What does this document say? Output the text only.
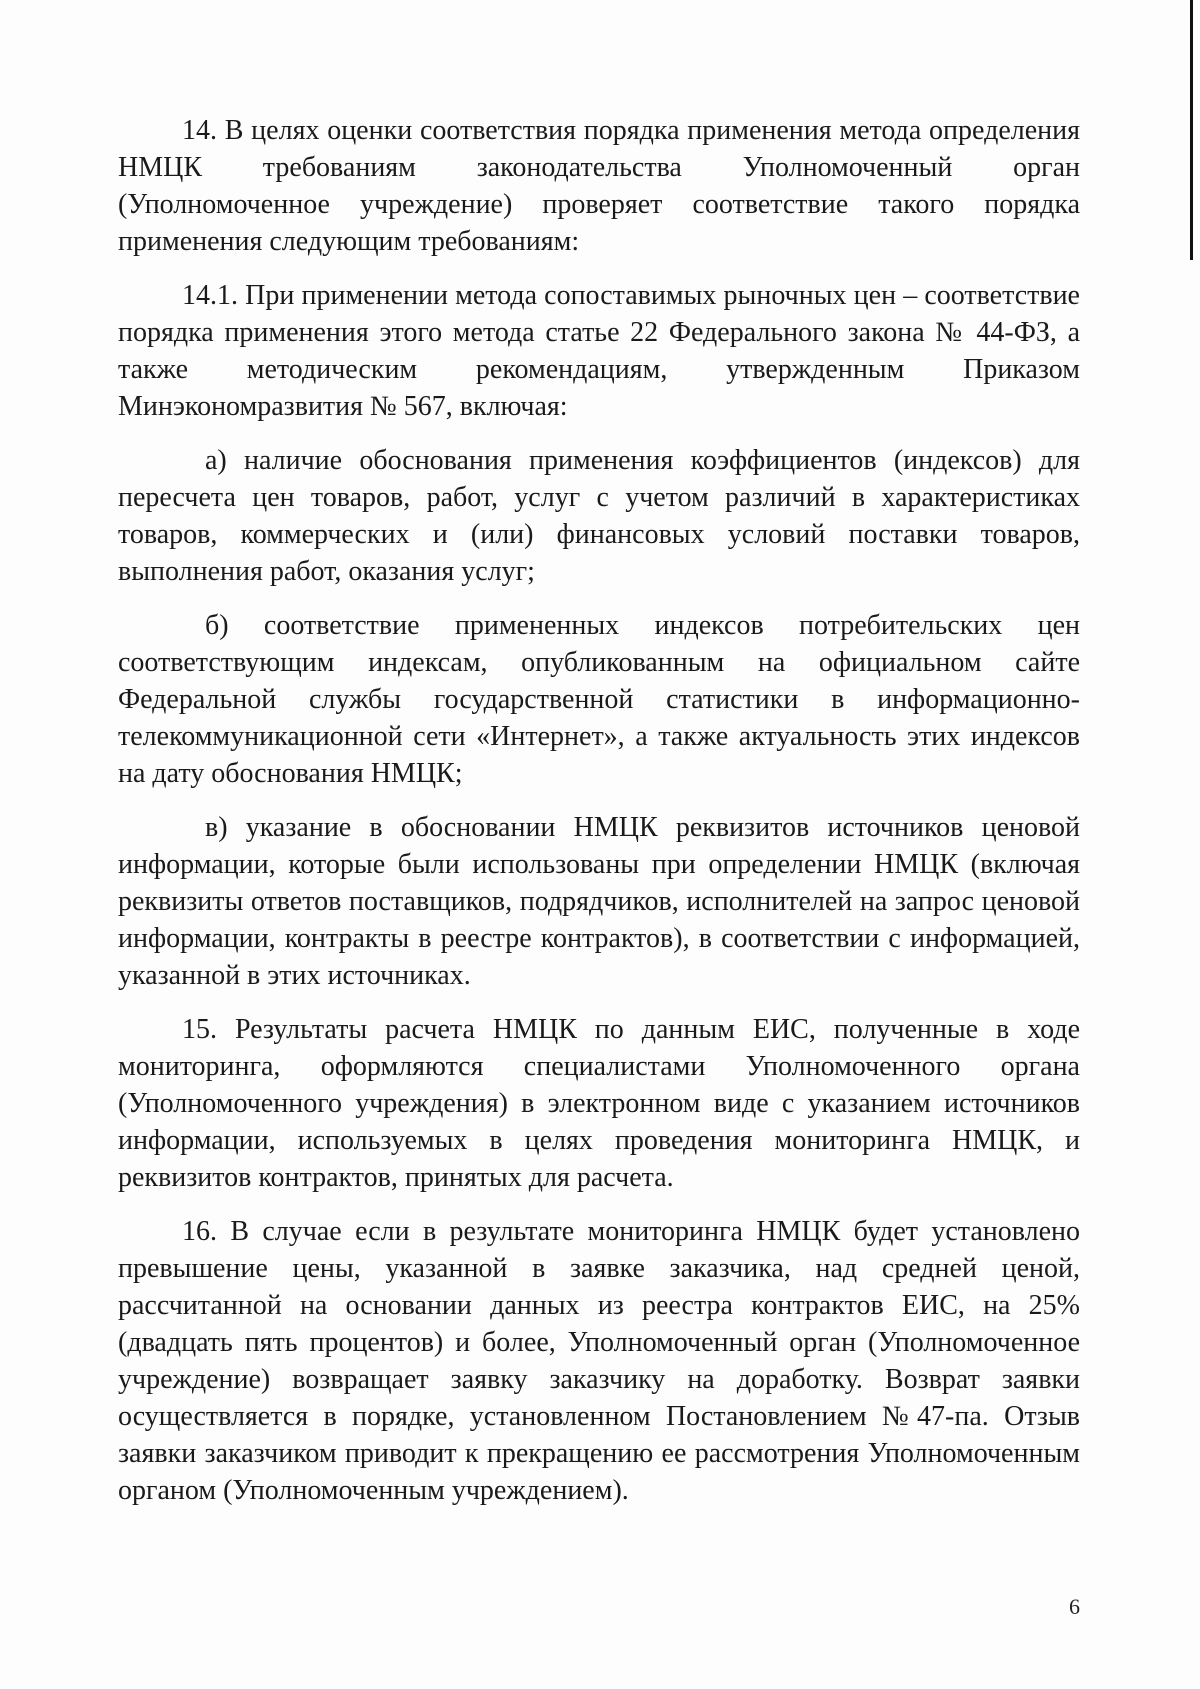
14. В целях оценки соответствия порядка применения метода определения НМЦК требованиям законодательства Уполномоченный орган (Уполномоченное учреждение) проверяет соответствие такого порядка применения следующим требованиям:

14.1. При применении метода сопоставимых рыночных цен – соответствие порядка применения этого метода статье 22 Федерального закона № 44-ФЗ, а также методическим рекомендациям, утвержденным Приказом Минэкономразвития № 567, включая:

а) наличие обоснования применения коэффициентов (индексов) для пересчета цен товаров, работ, услуг с учетом различий в характеристиках товаров, коммерческих и (или) финансовых условий поставки товаров, выполнения работ, оказания услуг;

б) соответствие примененных индексов потребительских цен соответствующим индексам, опубликованным на официальном сайте Федеральной службы государственной статистики в информационно-телекоммуникационной сети «Интернет», а также актуальность этих индексов на дату обоснования НМЦК;

в) указание в обосновании НМЦК реквизитов источников ценовой информации, которые были использованы при определении НМЦК (включая реквизиты ответов поставщиков, подрядчиков, исполнителей на запрос ценовой информации, контракты в реестре контрактов), в соответствии с информацией, указанной в этих источниках.

15. Результаты расчета НМЦК по данным ЕИС, полученные в ходе мониторинга, оформляются специалистами Уполномоченного органа (Уполномоченного учреждения) в электронном виде с указанием источников информации, используемых в целях проведения мониторинга НМЦК, и реквизитов контрактов, принятых для расчета.

16. В случае если в результате мониторинга НМЦК будет установлено превышение цены, указанной в заявке заказчика, над средней ценой, рассчитанной на основании данных из реестра контрактов ЕИС, на 25% (двадцать пять процентов) и более, Уполномоченный орган (Уполномоченное учреждение) возвращает заявку заказчику на доработку. Возврат заявки осуществляется в порядке, установленном Постановлением №47-па. Отзыв заявки заказчиком приводит к прекращению ее рассмотрения Уполномоченным органом (Уполномоченным учреждением).

6
